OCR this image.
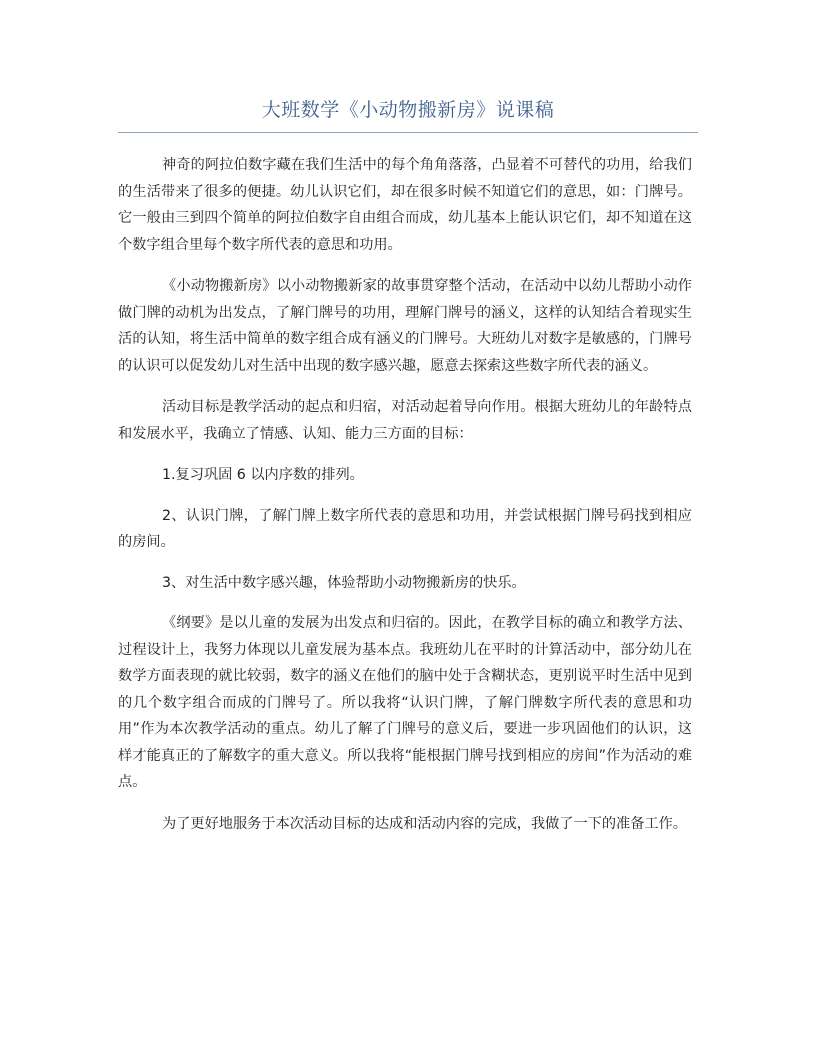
大班数学《小动物搬新房》说课稿

神奇的阿拉伯数字藏在我们生活中的每个角角落落，凸显着不可替代的功用，给我们的生活带来了很多的便捷。幼儿认识它们，却在很多时候不知道它们的意思，如：门牌号。它一般由三到四个简单的阿拉伯数字自由组合而成，幼儿基本上能认识它们，却不知道在这个数字组合里每个数字所代表的意思和功用。

《小动物搬新房》以小动物搬新家的故事贯穿整个活动，在活动中以幼儿帮助小动作做门牌的动机为出发点，了解门牌号的功用，理解门牌号的涵义，这样的认知结合着现实生活的认知，将生活中简单的数字组合成有涵义的门牌号。大班幼儿对数字是敏感的，门牌号的认识可以促发幼儿对生活中出现的数字感兴趣，愿意去探索这些数字所代表的涵义。

活动目标是教学活动的起点和归宿，对活动起着导向作用。根据大班幼儿的年龄特点和发展水平，我确立了情感、认知、能力三方面的目标：

1.复习巩固 6 以内序数的排列。

2、认识门牌，了解门牌上数字所代表的意思和功用，并尝试根据门牌号码找到相应的房间。

3、对生活中数字感兴趣，体验帮助小动物搬新房的快乐。

《纲要》是以儿童的发展为出发点和归宿的。因此，在教学目标的确立和教学方法、过程设计上，我努力体现以儿童发展为基本点。我班幼儿在平时的计算活动中，部分幼儿在数学方面表现的就比较弱，数字的涵义在他们的脑中处于含糊状态，更别说平时生活中见到的几个数字组合而成的门牌号了。所以我将“认识门牌，了解门牌数字所代表的意思和功用”作为本次教学活动的重点。幼儿了解了门牌号的意义后，要进一步巩固他们的认识，这样才能真正的了解数字的重大意义。所以我将“能根据门牌号找到相应的房间”作为活动的难点。

为了更好地服务于本次活动目标的达成和活动内容的完成，我做了一下的准备工作。
